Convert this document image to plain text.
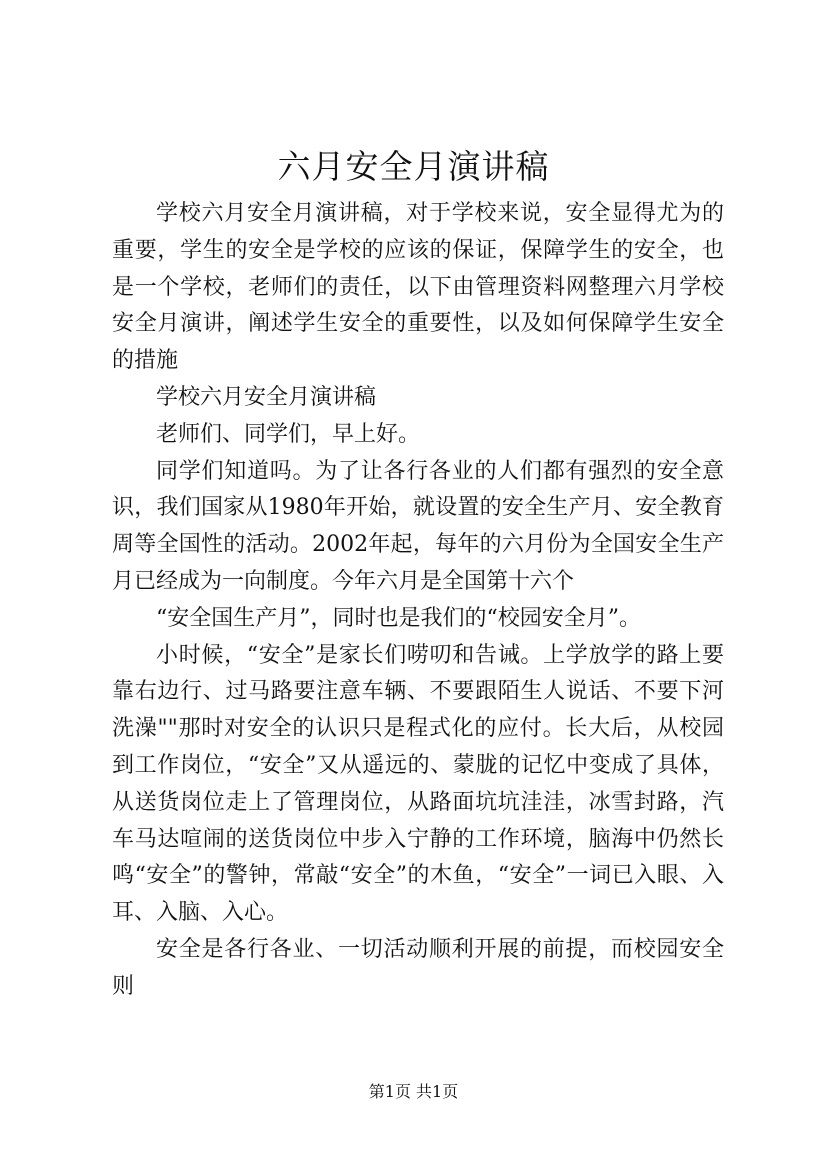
六月安全月演讲稿

学校六月安全月演讲稿，对于学校来说，安全显得尤为的重要，学生的安全是学校的应该的保证，保障学生的安全，也是一个学校，老师们的责任，以下由管理资料网整理六月学校安全月演讲，阐述学生安全的重要性，以及如何保障学生安全的措施

学校六月安全月演讲稿

老师们、同学们，早上好。

同学们知道吗。为了让各行各业的人们都有强烈的安全意识，我们国家从1980年开始，就设置的安全生产月、安全教育周等全国性的活动。2002年起，每年的六月份为全国安全生产月已经成为一向制度。今年六月是全国第十六个

“安全国生产月”，同时也是我们的“校园安全月”。

小时候，“安全”是家长们唠叨和告诫。上学放学的路上要靠右边行、过马路要注意车辆、不要跟陌生人说话、不要下河洗澡""那时对安全的认识只是程式化的应付。长大后，从校园到工作岗位，“安全”又从遥远的、蒙胧的记忆中变成了具体，从送货岗位走上了管理岗位，从路面坑坑洼洼，冰雪封路，汽车马达喧闹的送货岗位中步入宁静的工作环境，脑海中仍然长鸣“安全”的警钟，常敲“安全”的木鱼，“安全”一词已入眼、入耳、入脑、入心。

安全是各行各业、一切活动顺利开展的前提，而校园安全则

第1页 共1页
